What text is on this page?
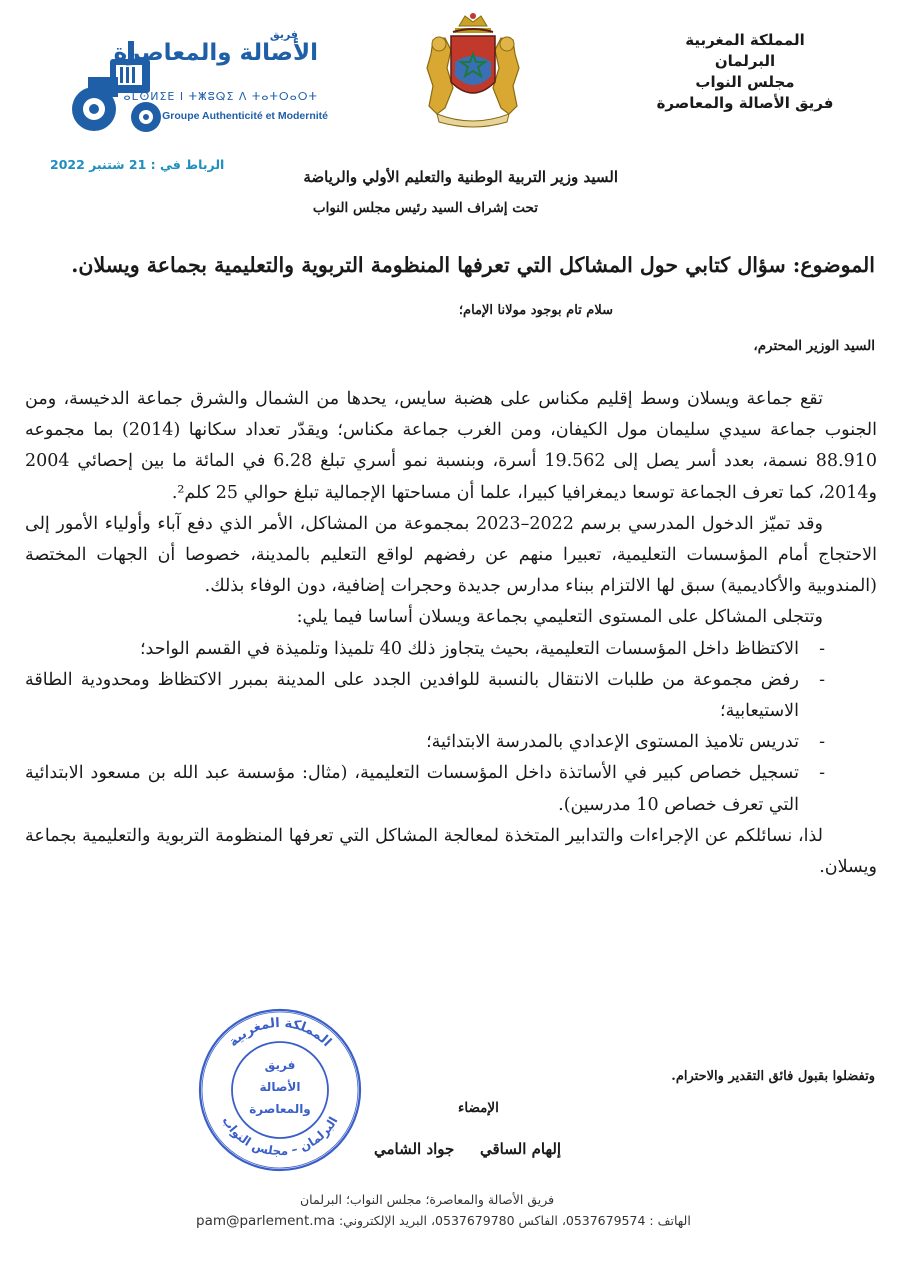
المملكة المغربية
البرلمان
مجلس النواب
فريق الأصالة والمعاصرة
فريق
الأصالة والمعاصرة
ⴰⵎⵙⵍⵉⴹ ⵏ ⵜⵥⵓⵕⵉ ⴷ ⵜⴰⵜⵔⴰⵔⵜ
Groupe Authenticité et Modernité
الرباط في : 21 شتنبر 2022
السيد وزير التربية الوطنية والتعليم الأولي والرياضة
تحت إشراف السيد رئيس مجلس النواب
الموضوع: سؤال كتابي حول المشاكل التي تعرفها المنظومة التربوية والتعليمية بجماعة ويسلان.
سلام تام بوجود مولانا الإمام؛
السيد الوزير المحترم،

تقع جماعة ويسلان وسط إقليم مكناس على هضبة سايس، يحدها من الشمال والشرق جماعة الدخيسة، ومن الجنوب جماعة سيدي سليمان مول الكيفان، ومن الغرب جماعة مكناس؛ ويقدّر تعداد سكانها (2014) بما مجموعه 88.910 نسمة، بعدد أسر يصل إلى 19.562 أسرة، وبنسبة نمو أسري تبلغ 6.28 في المائة ما بين إحصائي 2004 و2014، كما تعرف الجماعة توسعا ديمغرافيا كبيرا، علما أن مساحتها الإجمالية تبلغ حوالي 25 كلم².

وقد تميّز الدخول المدرسي برسم 2022–2023 بمجموعة من المشاكل، الأمر الذي دفع آباء وأولياء الأمور إلى الاحتجاج أمام المؤسسات التعليمية، تعبيرا منهم عن رفضهم لواقع التعليم بالمدينة، خصوصا أن الجهات المختصة (المندوبية والأكاديمية) سبق لها الالتزام ببناء مدارس جديدة وحجرات إضافية، دون الوفاء بذلك.

وتتجلى المشاكل على المستوى التعليمي بجماعة ويسلان أساسا فيما يلي:

-
الاكتظاظ داخل المؤسسات التعليمية، بحيث يتجاوز ذلك 40 تلميذا وتلميذة في القسم الواحد؛
-
رفض مجموعة من طلبات الانتقال بالنسبة للوافدين الجدد على المدينة بمبرر الاكتظاظ ومحدودية الطاقة الاستيعابية؛
-
تدريس تلاميذ المستوى الإعدادي بالمدرسة الابتدائية؛
-
تسجيل خصاص كبير في الأساتذة داخل المؤسسات التعليمية، (مثال: مؤسسة عبد الله بن مسعود الابتدائية التي تعرف خصاص 10 مدرسين).

لذا، نسائلكم عن الإجراءات والتدابير المتخذة لمعالجة المشاكل التي تعرفها المنظومة التربوية والتعليمية بجماعة ويسلان.

وتفضلوا بقبول فائق التقدير والاحترام.
المملكة المغربية
البرلمان – مجلس النواب
فريق
الأصالة
والمعاصرة	الإمضاء
إلهام الساقي
جواد الشامي
فريق الأصالة والمعاصرة؛ مجلس النواب؛ البرلمان
الهاتف : 0537679574، الفاكس 0537679780، البريد الإلكتروني: pam@parlement.ma
